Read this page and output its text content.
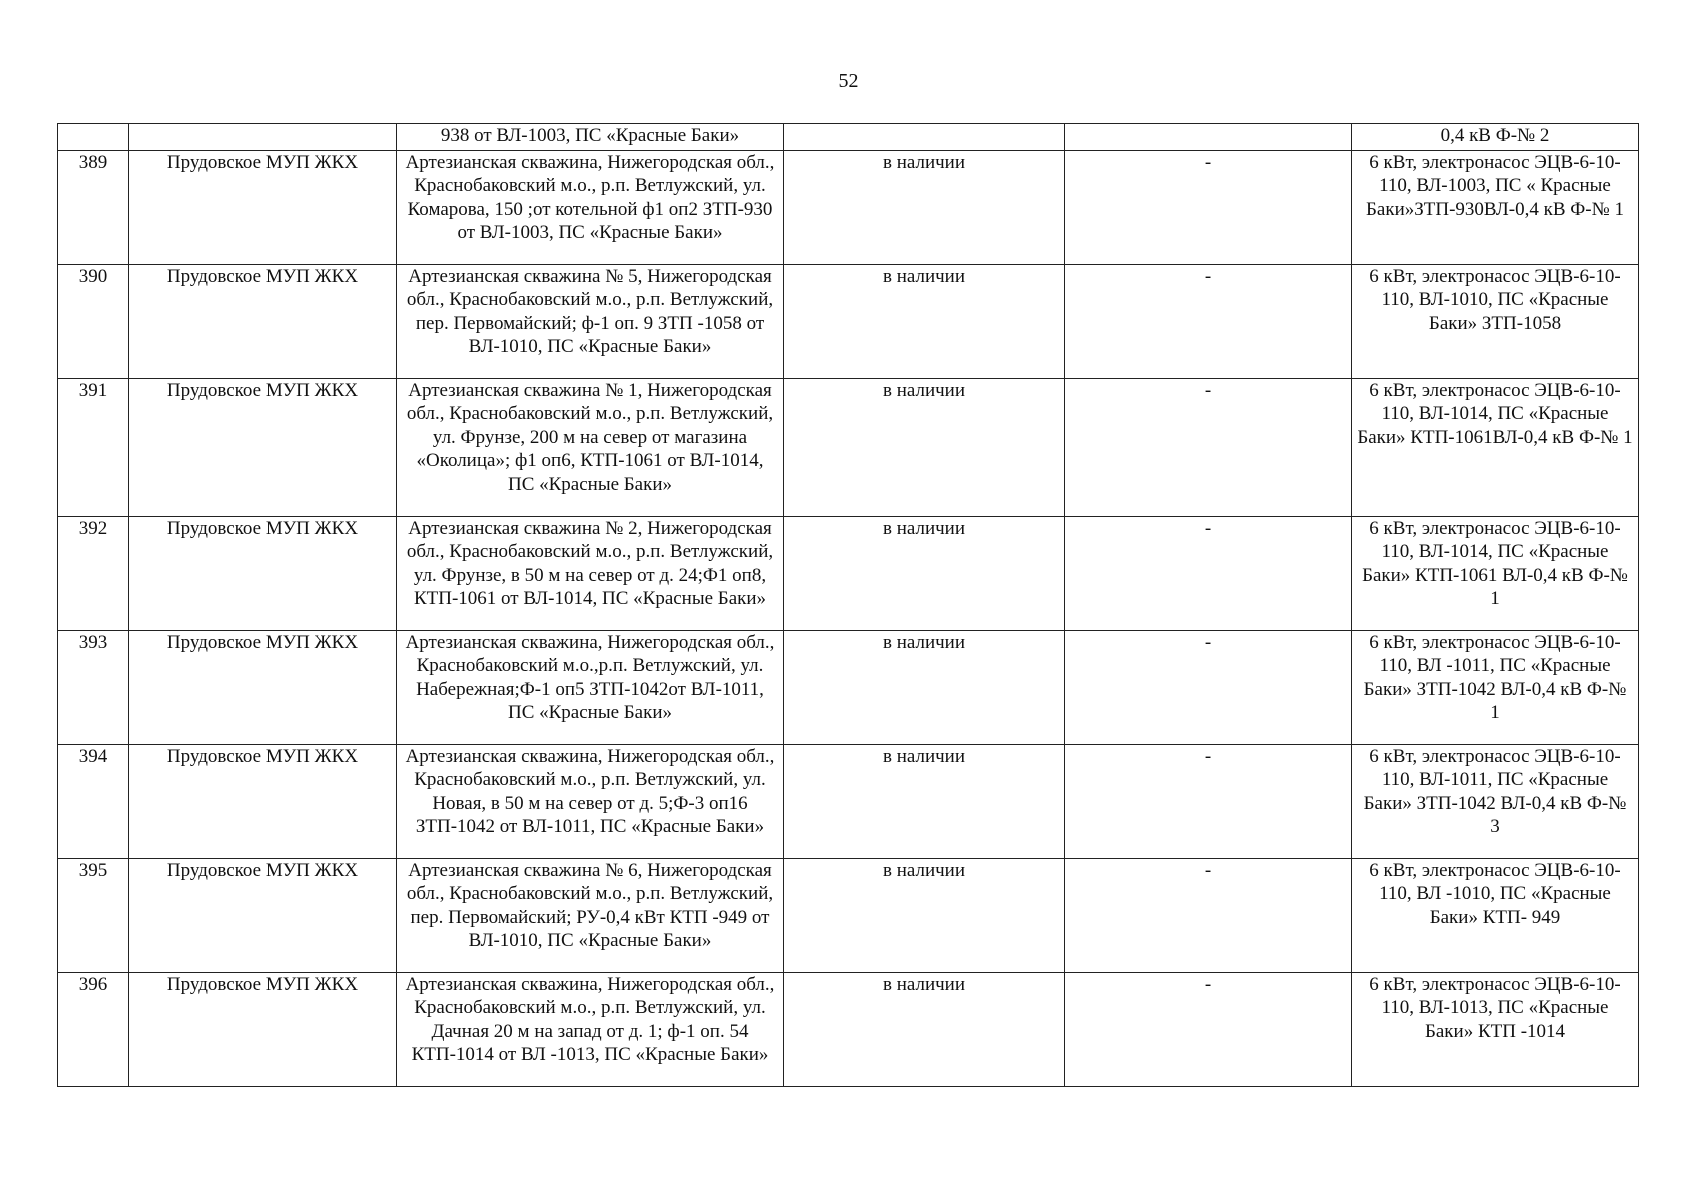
52
		938 от ВЛ-1003, ПС «Красные Баки»			0,4 кВ Ф-№ 2
389	Прудовское МУП ЖКХ	Артезианская скважина, Нижегородская обл., Краснобаковский м.о., р.п. Ветлужский, ул. Комарова, 150 ;от котельной ф1 оп2 ЗТП-930 от ВЛ-1003, ПС «Красные Баки»	в наличии	-	6 кВт, электронасос ЭЦВ-6-10-110, ВЛ-1003, ПС « Красные Баки»ЗТП-930ВЛ-0,4 кВ Ф-№ 1
390	Прудовское МУП ЖКХ	Артезианская скважина № 5, Нижегородская обл., Краснобаковский м.о., р.п. Ветлужский, пер. Первомайский; ф-1 оп. 9 ЗТП -1058 от ВЛ-1010, ПС «Красные Баки»	в наличии	-	6 кВт, электронасос ЭЦВ-6-10-110, ВЛ-1010, ПС «Красные Баки» ЗТП-1058
391	Прудовское МУП ЖКХ	Артезианская скважина № 1, Нижегородская обл., Краснобаковский м.о., р.п. Ветлужский, ул. Фрунзе, 200 м на север от магазина «Околица»; ф1 оп6, КТП-1061 от ВЛ-1014, ПС «Красные Баки»	в наличии	-	6 кВт, электронасос ЭЦВ-6-10-110, ВЛ-1014, ПС «Красные Баки» КТП-1061ВЛ-0,4 кВ Ф-№ 1
392	Прудовское МУП ЖКХ	Артезианская скважина № 2, Нижегородская обл., Краснобаковский м.о., р.п. Ветлужский, ул. Фрунзе, в 50 м на север от д. 24;Ф1 оп8, КТП-1061 от ВЛ-1014, ПС «Красные Баки»	в наличии	-	6 кВт, электронасос ЭЦВ-6-10-110, ВЛ-1014, ПС «Красные Баки» КТП-1061 ВЛ-0,4 кВ Ф-№ 1
393	Прудовское МУП ЖКХ	Артезианская скважина, Нижегородская обл., Краснобаковский м.о.,р.п. Ветлужский, ул. Набережная;Ф-1 оп5 ЗТП-1042от ВЛ-1011, ПС «Красные Баки»	в наличии	-	6 кВт, электронасос ЭЦВ-6-10-110, ВЛ -1011, ПС «Красные Баки» ЗТП-1042 ВЛ-0,4 кВ Ф-№ 1
394	Прудовское МУП ЖКХ	Артезианская скважина, Нижегородская обл., Краснобаковский м.о., р.п. Ветлужский, ул. Новая, в 50 м на север от д. 5;Ф-3 оп16 ЗТП-1042 от ВЛ-1011, ПС «Красные Баки»	в наличии	-	6 кВт, электронасос ЭЦВ-6-10-110, ВЛ-1011, ПС «Красные Баки» ЗТП-1042 ВЛ-0,4 кВ Ф-№ 3
395	Прудовское МУП ЖКХ	Артезианская скважина № 6, Нижегородская обл., Краснобаковский м.о., р.п. Ветлужский, пер. Первомайский; РУ-0,4 кВт КТП -949 от ВЛ-1010, ПС «Красные Баки»	в наличии	-	6 кВт, электронасос ЭЦВ-6-10-110, ВЛ -1010, ПС «Красные Баки» КТП- 949
396	Прудовское МУП ЖКХ	Артезианская скважина, Нижегородская обл., Краснобаковский м.о., р.п. Ветлужский, ул. Дачная 20 м на запад от д. 1; ф-1 оп. 54 КТП-1014 от ВЛ -1013, ПС «Красные Баки»	в наличии	-	6 кВт, электронасос ЭЦВ-6-10-110, ВЛ-1013, ПС «Красные Баки» КТП -1014
